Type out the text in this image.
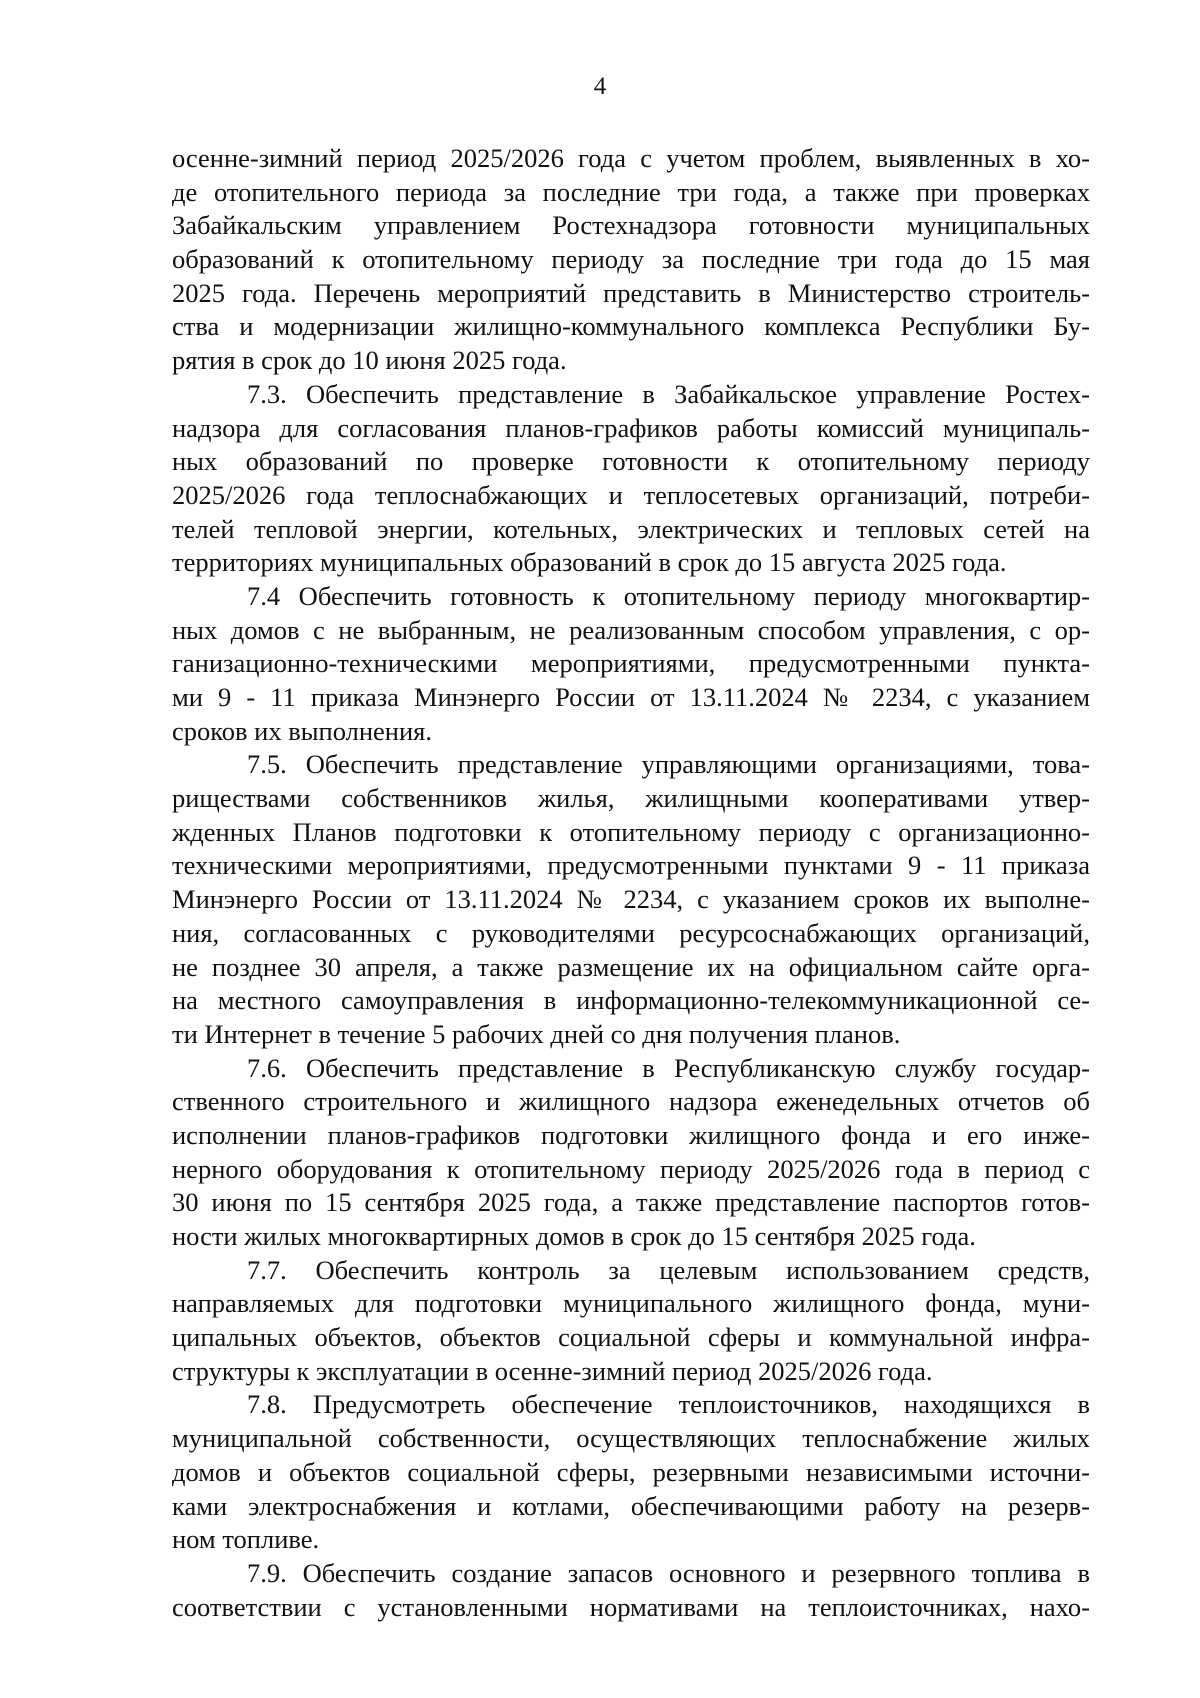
4
осенне-зимний период 2025/2026 года с учетом проблем, выявленных в хо-
де отопительного периода за последние три года, а также при проверках
Забайкальским управлением Ростехнадзора готовности муниципальных
образований к отопительному периоду за последние три года до 15 мая
2025 года. Перечень мероприятий представить в Министерство строитель-
ства и модернизации жилищно-коммунального комплекса Республики Бу-
рятия в срок до 10 июня 2025 года.
7.3. Обеспечить представление в Забайкальское управление Ростех-
надзора для согласования планов-графиков работы комиссий муниципаль-
ных образований по проверке готовности к отопительному периоду
2025/2026 года теплоснабжающих и теплосетевых организаций, потреби-
телей тепловой энергии, котельных, электрических и тепловых сетей на
территориях муниципальных образований в срок до 15 августа 2025 года.
7.4 Обеспечить готовность к отопительному периоду многоквартир-
ных домов с не выбранным, не реализованным способом управления, с ор-
ганизационно-техническими мероприятиями, предусмотренными пункта-
ми 9 - 11 приказа Минэнерго России от 13.11.2024 № 2234, с указанием
сроков их выполнения.
7.5. Обеспечить представление управляющими организациями, това-
риществами собственников жилья, жилищными кооперативами утвер-
жденных Планов подготовки к отопительному периоду с организационно-
техническими мероприятиями, предусмотренными пунктами 9 - 11 приказа
Минэнерго России от 13.11.2024 № 2234, с указанием сроков их выполне-
ния, согласованных с руководителями ресурсоснабжающих организаций,
не позднее 30 апреля, а также размещение их на официальном сайте орга-
на местного самоуправления в информационно-телекоммуникационной се-
ти Интернет в течение 5 рабочих дней со дня получения планов.
7.6. Обеспечить представление в Республиканскую службу государ-
ственного строительного и жилищного надзора еженедельных отчетов об
исполнении планов-графиков подготовки жилищного фонда и его инже-
нерного оборудования к отопительному периоду 2025/2026 года в период с
30 июня по 15 сентября 2025 года, а также представление паспортов готов-
ности жилых многоквартирных домов в срок до 15 сентября 2025 года.
7.7. Обеспечить контроль за целевым использованием средств,
направляемых для подготовки муниципального жилищного фонда, муни-
ципальных объектов, объектов социальной сферы и коммунальной инфра-
структуры к эксплуатации в осенне-зимний период 2025/2026 года.
7.8. Предусмотреть обеспечение теплоисточников, находящихся в
муниципальной собственности, осуществляющих теплоснабжение жилых
домов и объектов социальной сферы, резервными независимыми источни-
ками электроснабжения и котлами, обеспечивающими работу на резерв-
ном топливе.
7.9. Обеспечить создание запасов основного и резервного топлива в
соответствии с установленными нормативами на теплоисточниках, нахо-
